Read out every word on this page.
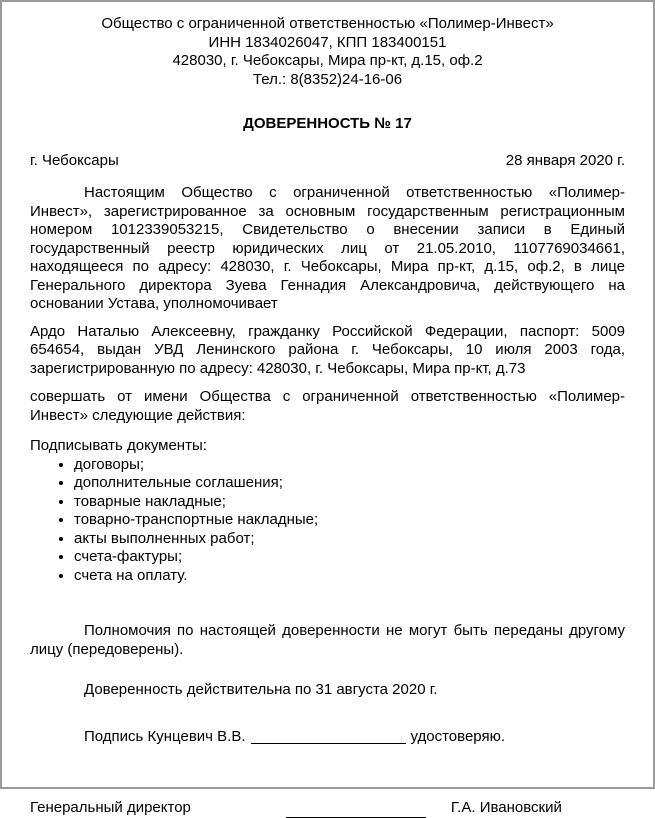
Общество с ограниченной ответственностью «Полимер-Инвест»
ИНН 1834026047, КПП 183400151
428030, г. Чебоксары, Мира пр-кт, д.15, оф.2
Тел.: 8(8352)24-16-06
ДОВЕРЕННОСТЬ № 17
г. Чебоксары	28 января 2020 г.

Настоящим Общество с ограниченной ответственностью «Полимер-Инвест», зарегистрированное за основным государственным регистрационным номером 1012339053215, Свидетельство о внесении записи в Единый государственный реестр юридических лиц от 21.05.2010, 1107769034661, находящееся по адресу: 428030, г. Чебоксары, Мира пр-кт, д.15, оф.2, в лице Генерального директора Зуева Геннадия Александровича, действующего на основании Устава, уполномочивает

Ардо Наталью Алексеевну, гражданку Российской Федерации, паспорт: 5009 654654, выдан УВД Ленинского района г. Чебоксары, 10 июля 2003 года, зарегистрированную по адресу: 428030, г. Чебоксары, Мира пр-кт, д.73

совершать от имени Общества с ограниченной ответственностью «Полимер-Инвест» следующие действия:

Подписывать документы:

• договоры;
• дополнительные соглашения;
• товарные накладные;
• товарно-транспортные накладные;
• акты выполненных работ;
• счета-фактуры;
• счета на оплату.

Полномочия по настоящей доверенности не могут быть переданы другому лицу (передоверены).

Доверенность действительна по 31 августа 2020 г.

Подпись Кунцевич В.В.	удостоверяю.

Генеральный директор	Г.А. Ивановский
